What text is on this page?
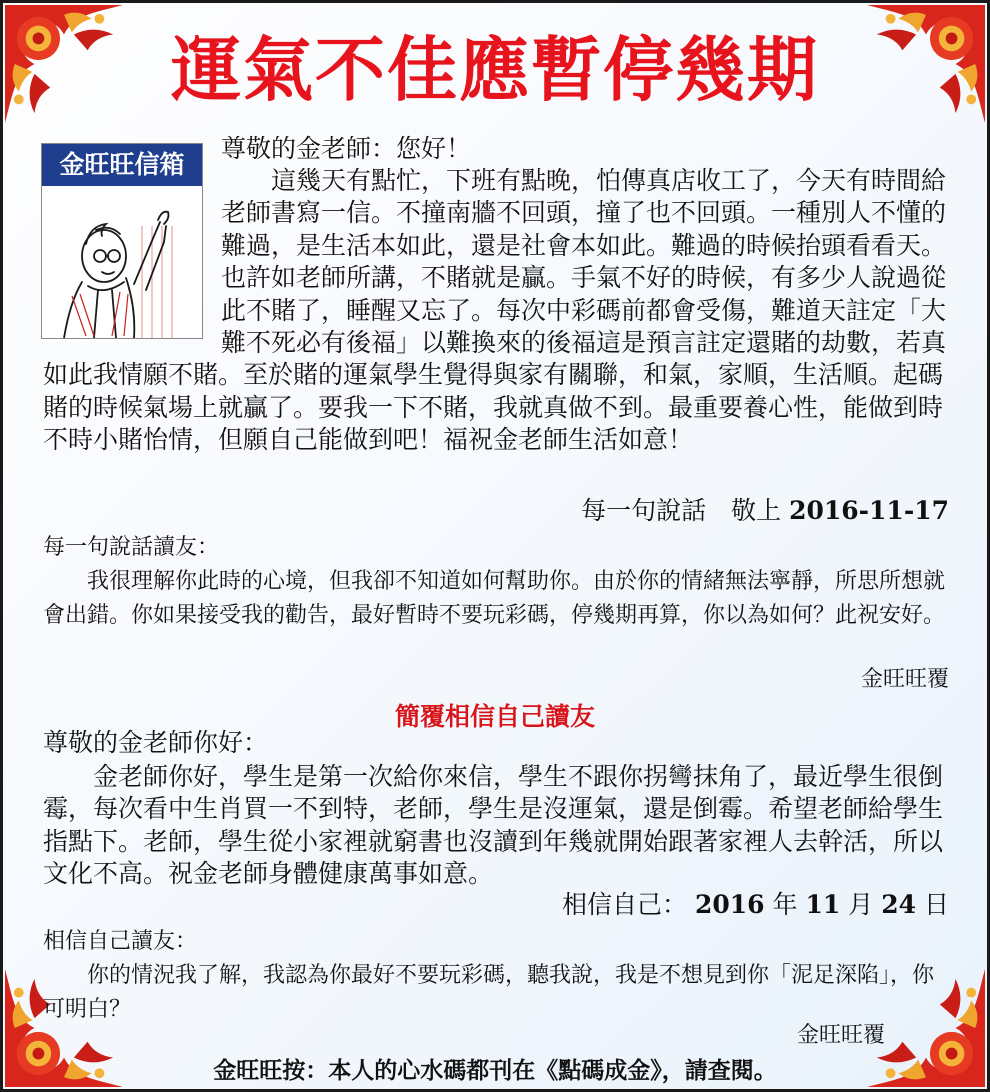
運氣不佳應暫停幾期
金旺旺信箱
尊敬的金老師：您好！

這幾天有點忙，下班有點晚，怕傳真店收工了，今天有時間給老師書寫一信。不撞南牆不回頭，撞了也不回頭。一種別人不懂的難過，是生活本如此，還是社會本如此。難過的時候抬頭看看天。也許如老師所講，不賭就是贏。手氣不好的時候，有多少人說過從此不賭了，睡醒又忘了。每次中彩碼前都會受傷，難道天註定「大難不死必有後福」以難換來的後福這是預言註定還賭的劫數，若真如此我情願不賭。至於賭的運氣學生覺得與家有關聯，和氣，家順，生活順。起碼賭的時候氣場上就贏了。要我一下不賭，我就真做不到。最重要養心性，能做到時不時小賭怡情，但願自己能做到吧！福祝金老師生活如意！

每一句說話　敬上 2016-11-17
每一句說話讀友：

我很理解你此時的心境，但我卻不知道如何幫助你。由於你的情緒無法寧靜，所思所想就會出錯。你如果接受我的勸告，最好暫時不要玩彩碼，停幾期再算，你以為如何？此祝安好。

金旺旺覆
簡覆相信自己讀友
尊敬的金老師你好：

金老師你好，學生是第一次給你來信，學生不跟你拐彎抹角了，最近學生很倒霉，每次看中生肖買一不到特，老師，學生是沒運氣，還是倒霉。希望老師給學生指點下。老師，學生從小家裡就窮書也沒讀到年幾就開始跟著家裡人去幹活，所以文化不高。祝金老師身體健康萬事如意。

相信自己： 2016 年 11 月 24 日
相信自己讀友：

你的情況我了解，我認為你最好不要玩彩碼，聽我說，我是不想見到你「泥足深陷」，你可明白？

金旺旺覆
金旺旺按：本人的心水碼都刊在《點碼成金》，請查閱。
